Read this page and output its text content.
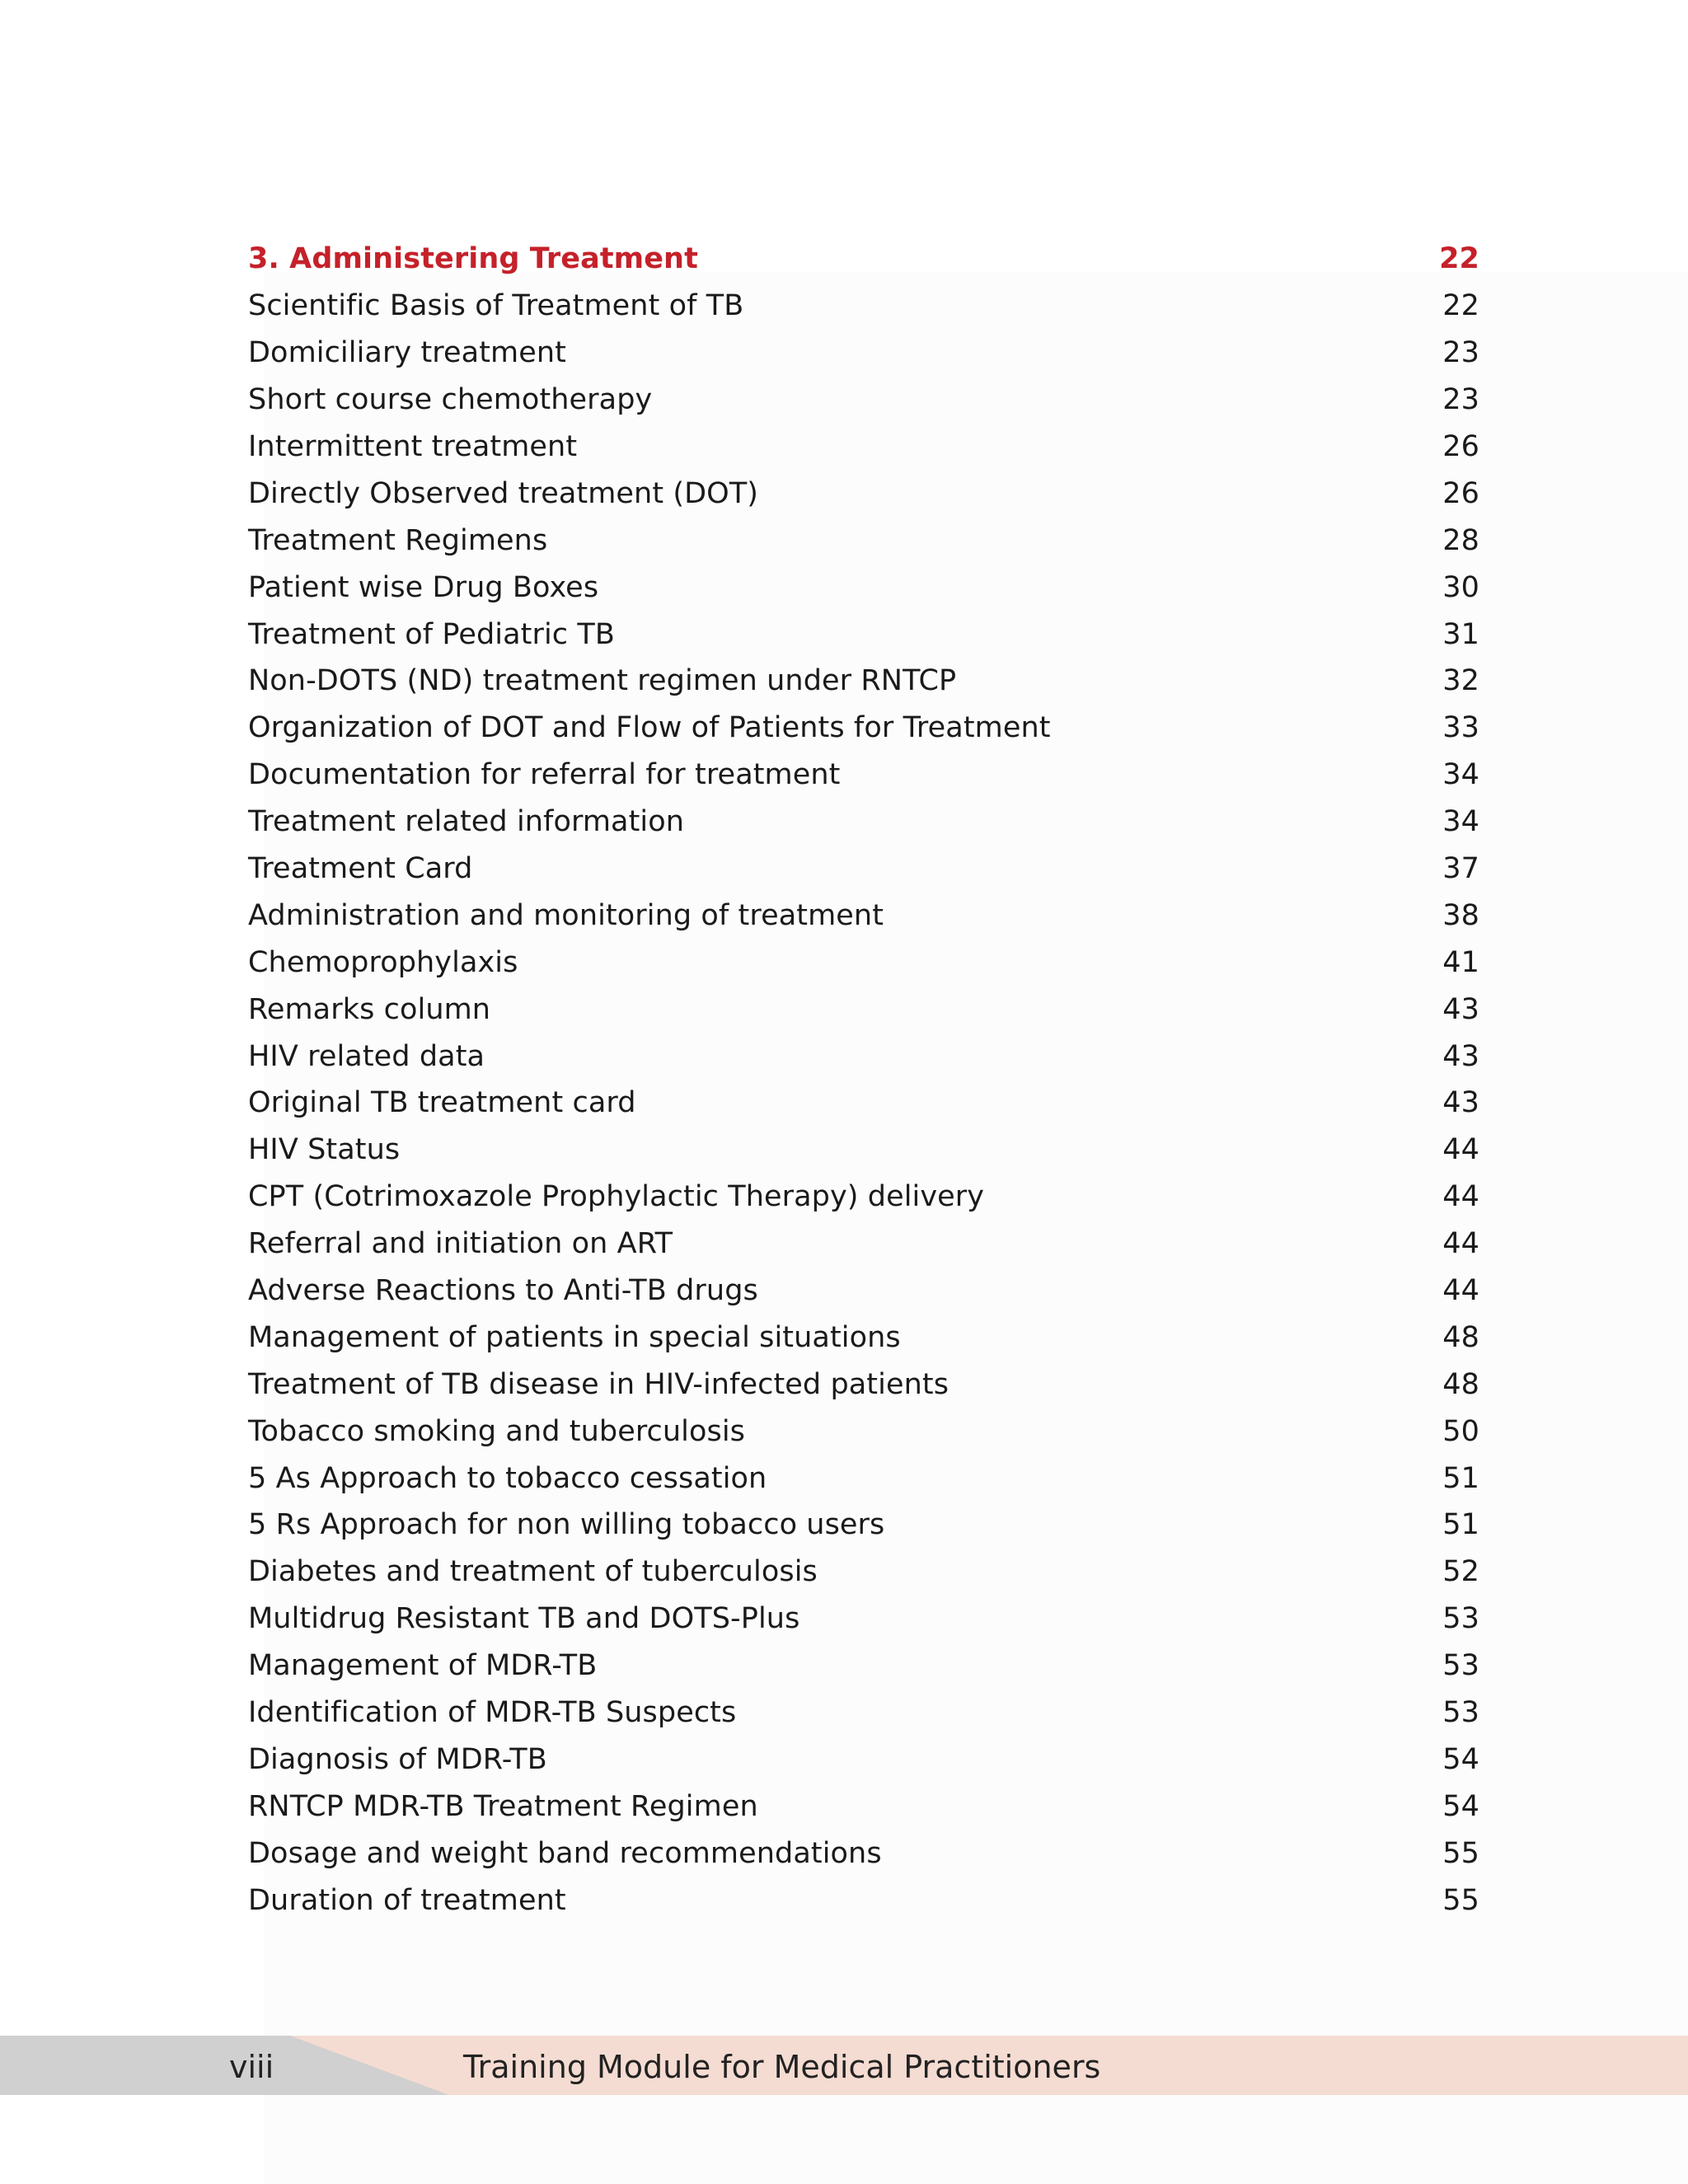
3. Administering Treatment	22
Scientific Basis of Treatment of TB	22
Domiciliary treatment	23
Short course chemotherapy	23
Intermittent treatment	26
Directly Observed treatment (DOT)	26
Treatment Regimens	28
Patient wise Drug Boxes	30
Treatment of Pediatric TB	31
Non-DOTS (ND) treatment regimen under RNTCP	32
Organization of DOT and Flow of Patients for Treatment	33
Documentation for referral for treatment	34
Treatment related information	34
Treatment Card	37
Administration and monitoring of treatment	38
Chemoprophylaxis	41
Remarks column	43
HIV related data	43
Original TB treatment card	43
HIV Status	44
CPT (Cotrimoxazole Prophylactic Therapy) delivery	44
Referral and initiation on ART	44
Adverse Reactions to Anti-TB drugs	44
Management of patients in special situations	48
Treatment of TB disease in HIV-infected patients	48
Tobacco smoking and tuberculosis	50
5 As Approach to tobacco cessation	51
5 Rs Approach for non willing tobacco users	51
Diabetes and treatment of tuberculosis	52
Multidrug Resistant TB and DOTS-Plus	53
Management of MDR-TB	53
Identification of MDR-TB Suspects	53
Diagnosis of MDR-TB	54
RNTCP MDR-TB Treatment Regimen	54
Dosage and weight band recommendations	55
Duration of treatment	55
viii	Training Module for Medical Practitioners
